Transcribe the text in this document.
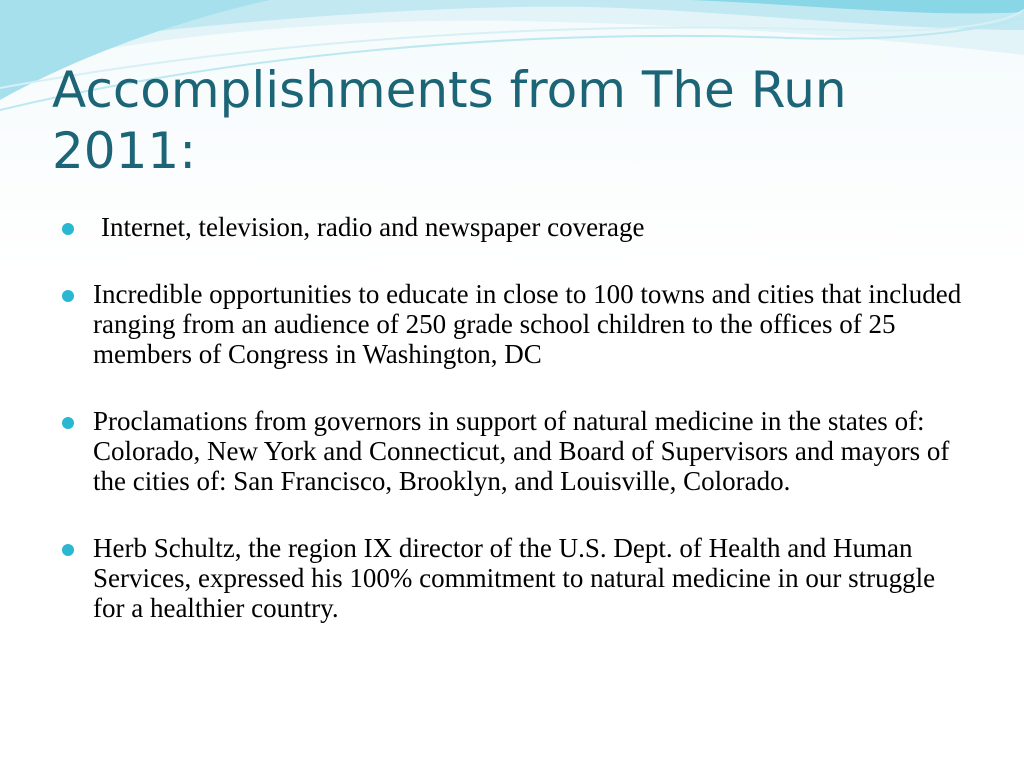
Accomplishments from The Run 2011:
Internet, television, radio and newspaper coverage
Incredible opportunities to educate in close to 100 towns and cities that included ranging from an audience of 250 grade school children to the offices of 25 members of Congress in Washington, DC
Proclamations from governors in support of natural medicine in the states of: Colorado, New York and Connecticut, and Board of Supervisors and mayors of the cities of: San Francisco, Brooklyn, and Louisville, Colorado.
Herb Schultz, the region IX director of the U.S. Dept. of Health and Human Services, expressed his 100% commitment to natural medicine in our struggle for a healthier country.
